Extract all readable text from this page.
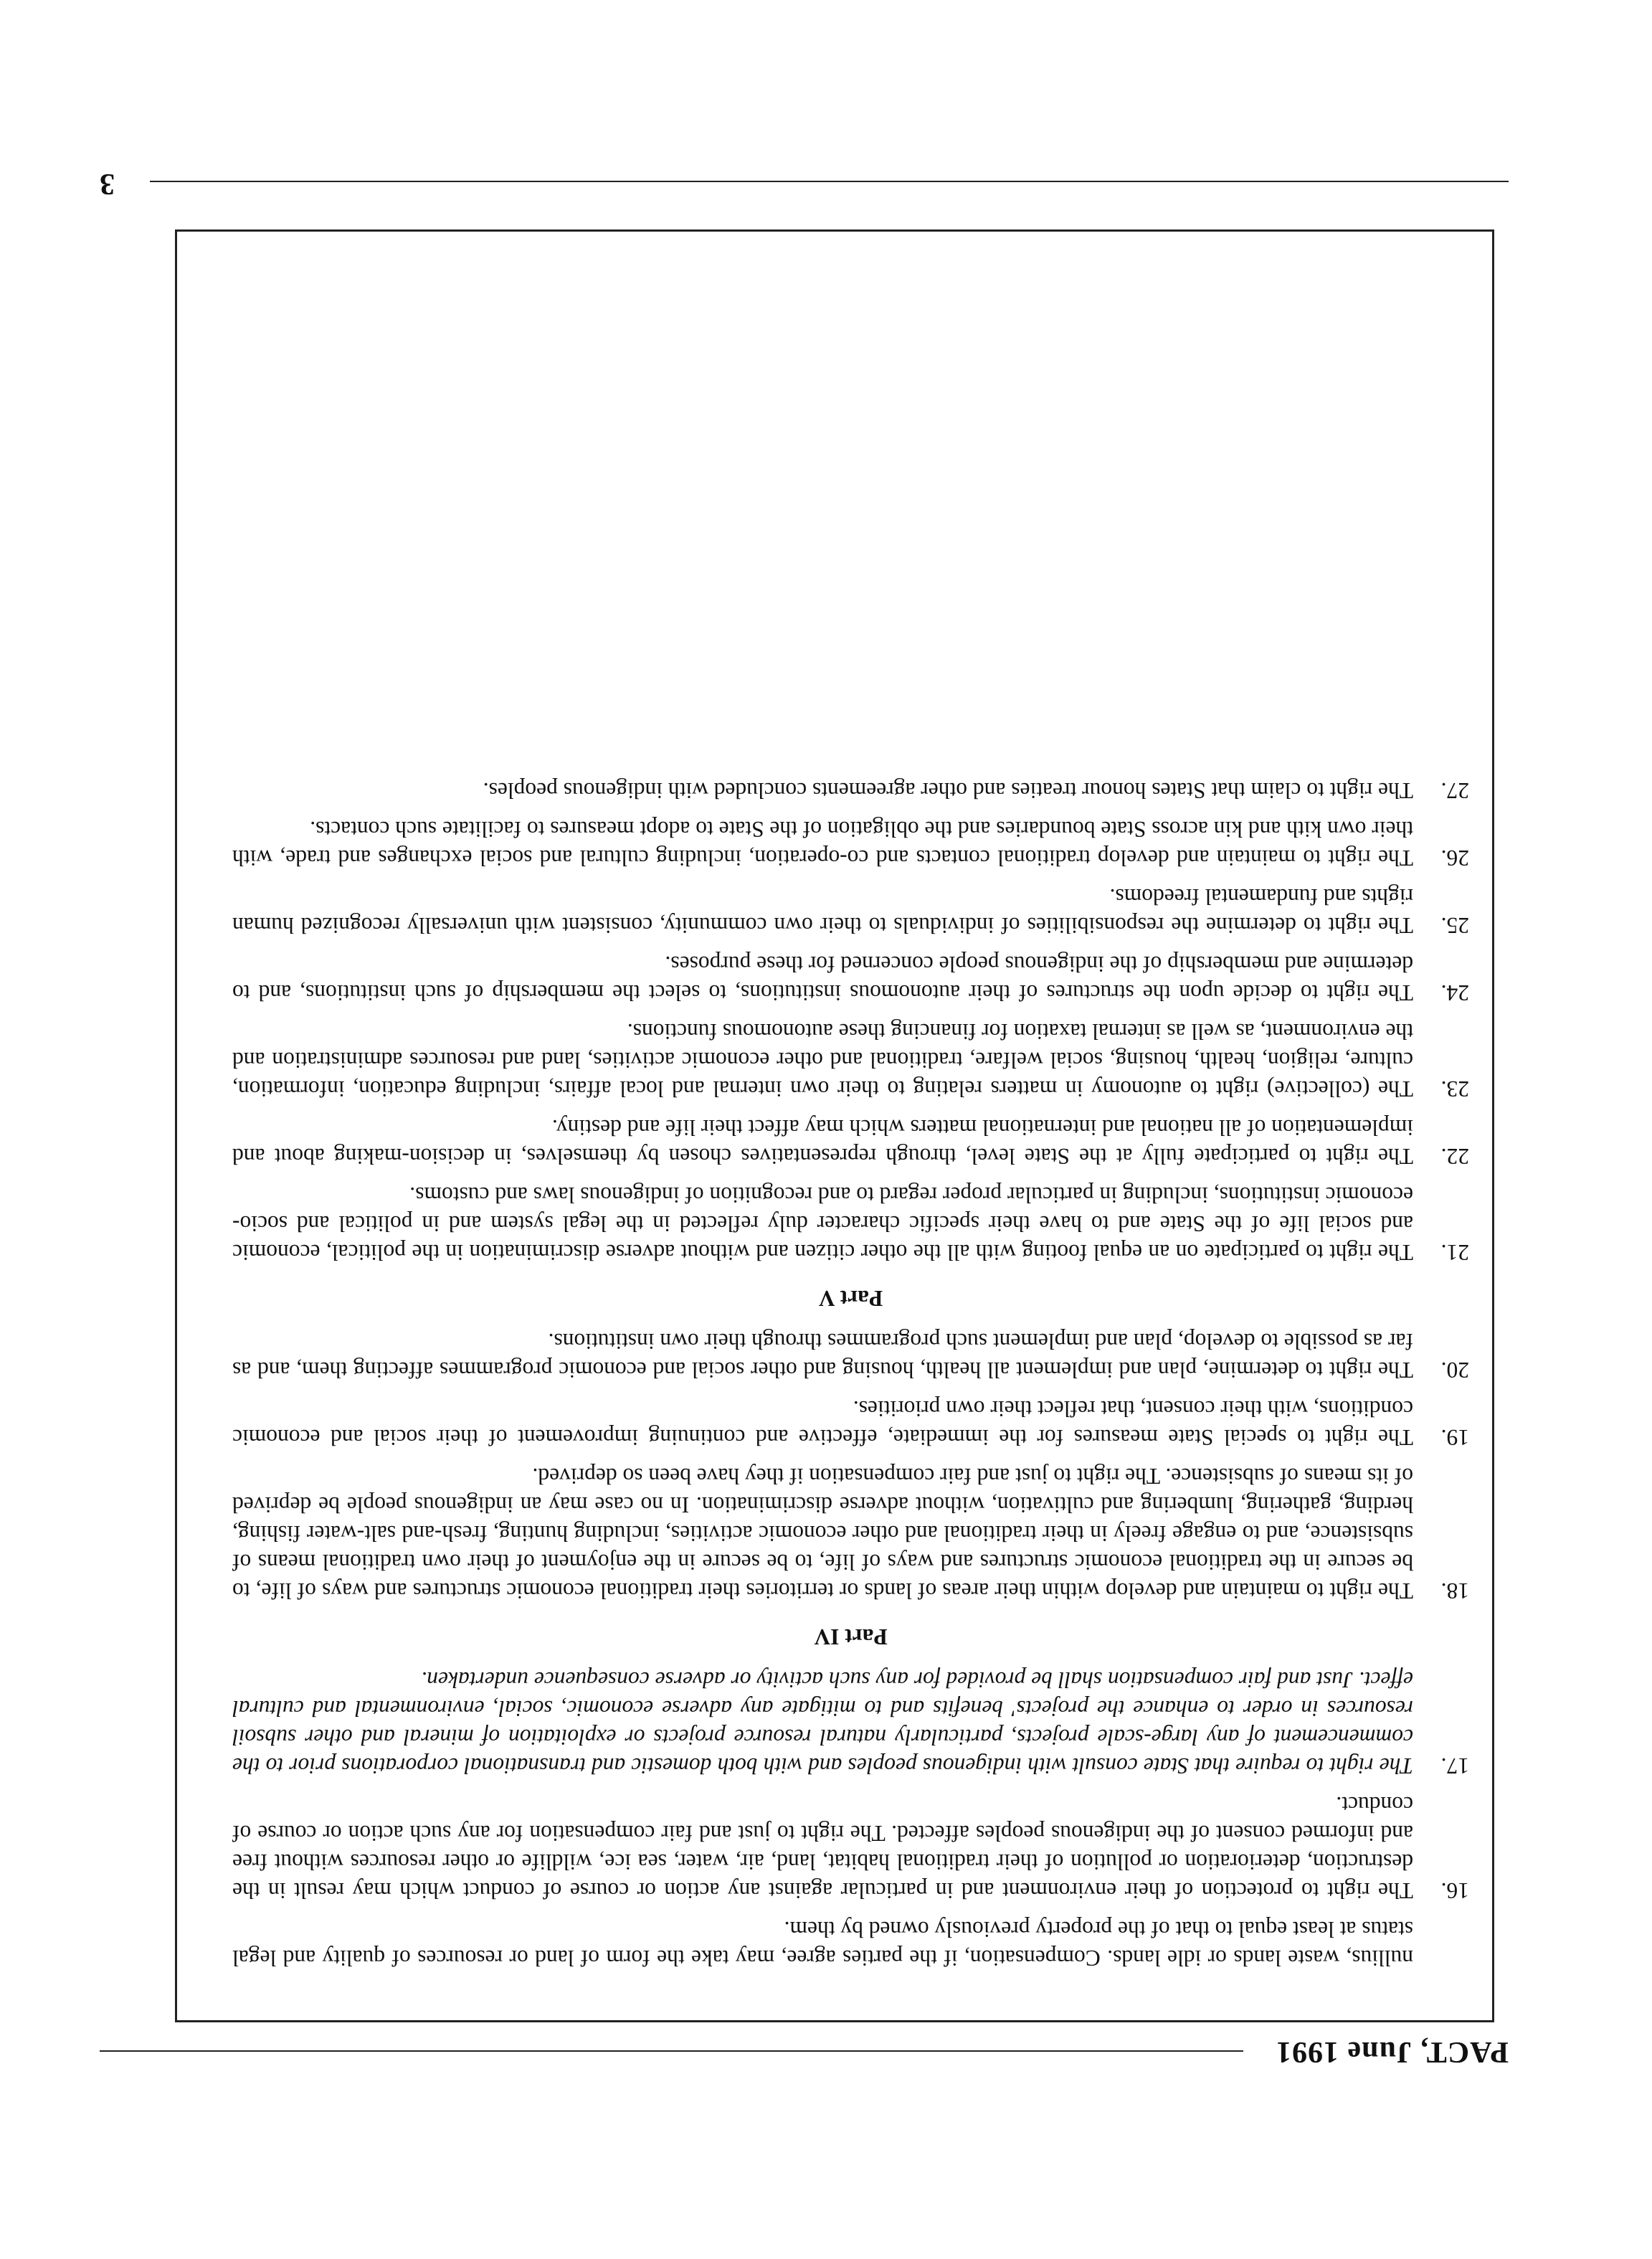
PACT, June 1991

nullius, waste lands or idle lands. Compensation, if the parties agree, may take the form of land or resources of quality and legal status at least equal to that of the property previously owned by them.

16.
The right to protection of their environment and in particular against any action or course of conduct which may result in the destruction, deterioration or pollution of their traditional habitat, land, air, water, sea ice, wildlife or other resources without free and informed consent of the indigenous peoples affected. The right to just and fair compensation for any such action or course of conduct.
17.
The right to require that State consult with indigenous peoples and with both domestic and transnational corporations prior to the commencement of any large-scale projects, particularly natural resource projects or exploitation of mineral and other subsoil resources in order to enhance the projects' benefits and to mitigate any adverse economic, social, environmental and cultural effect. Just and fair compensation shall be provided for any such activity or adverse consequence undertaken.
Part IV
18.
The right to maintain and develop within their areas of lands or territories their traditional economic structures and ways of life, to be secure in the traditional economic structures and ways of life, to be secure in the enjoyment of their own traditional means of subsistence, and to engage freely in their traditional and other economic activities, including hunting, fresh-and salt-water fishing, herding, gathering, lumbering and cultivation, without adverse discrimination. In no case may an indigenous people be deprived of its means of subsistence. The right to just and fair compensation if they have been so deprived.
19.
The right to special State measures for the immediate, effective and continuing improvement of their social and economic conditions, with their consent, that reflect their own priorities.
20.
The right to determine, plan and implement all health, housing and other social and economic programmes affecting them, and as far as possible to develop, plan and implement such programmes through their own institutions.
Part V
21.
The right to participate on an equal footing with all the other citizen and without adverse discrimination in the political, economic and social life of the State and to have their specific character duly reflected in the legal system and in political and socio-economic institutions, including in particular proper regard to and recognition of indigenous laws and customs.
22.
The right to participate fully at the State level, through representatives chosen by themselves, in decision-making about and implementation of all national and international matters which may affect their life and destiny.
23.
The (collective) right to autonomy in matters relating to their own internal and local affairs, including education, information, culture, religion, health, housing, social welfare, traditional and other economic activities, land and resources administration and the environment, as well as internal taxation for financing these autonomous functions.
24.
The right to decide upon the structures of their autonomous institutions, to select the membership of such institutions, and to determine and membership of the indigenous people concerned for these purposes.
25.
The right to determine the responsibilities of individuals to their own community, consistent with universally recognized human rights and fundamental freedoms.
26.
The right to maintain and develop traditional contacts and co-operation, including cultural and social exchanges and trade, with their own kith and kin across State boundaries and the obligation of the State to adopt measures to facilitate such contacts.
27.
The right to claim that States honour treaties and other agreements concluded with indigenous peoples.
3
